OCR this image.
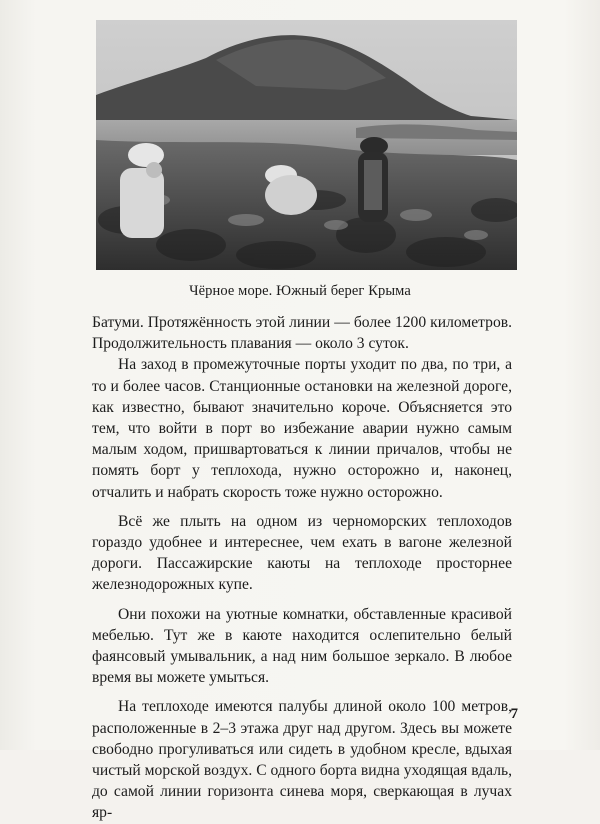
Чёрное море. Южный берег Крыма

Батуми. Протяжённость этой линии — более 1200 километров. Продолжительность плавания — около 3 суток.

На заход в промежуточные порты уходит по два, по три, а то и более часов. Станционные остановки на железной дороге, как известно, бывают значительно короче. Объясняется это тем, что войти в порт во избежание аварии нужно самым малым ходом, пришвартоваться к линии причалов, чтобы не помять борт у теплохода, нужно осторожно и, наконец, отчалить и набрать скорость тоже нужно осторожно.

Всё же плыть на одном из черноморских теплоходов гораздо удобнее и интереснее, чем ехать в вагоне железной дороги. Пассажирские каюты на теплоходе просторнее железнодорожных купе.

Они похожи на уютные комнатки, обставленные красивой мебелью. Тут же в каюте находится ослепительно белый фаянсовый умывальник, а над ним большое зеркало. В любое время вы можете умыться.

На теплоходе имеются палубы длиной около 100 метров, расположенные в 2–3 этажа друг над другом. Здесь вы можете свободно прогуливаться или сидеть в удобном кресле, вдыхая чистый морской воздух. С одного борта видна уходящая вдаль, до самой линии горизонта синева моря, сверкающая в лучах яр-

7
